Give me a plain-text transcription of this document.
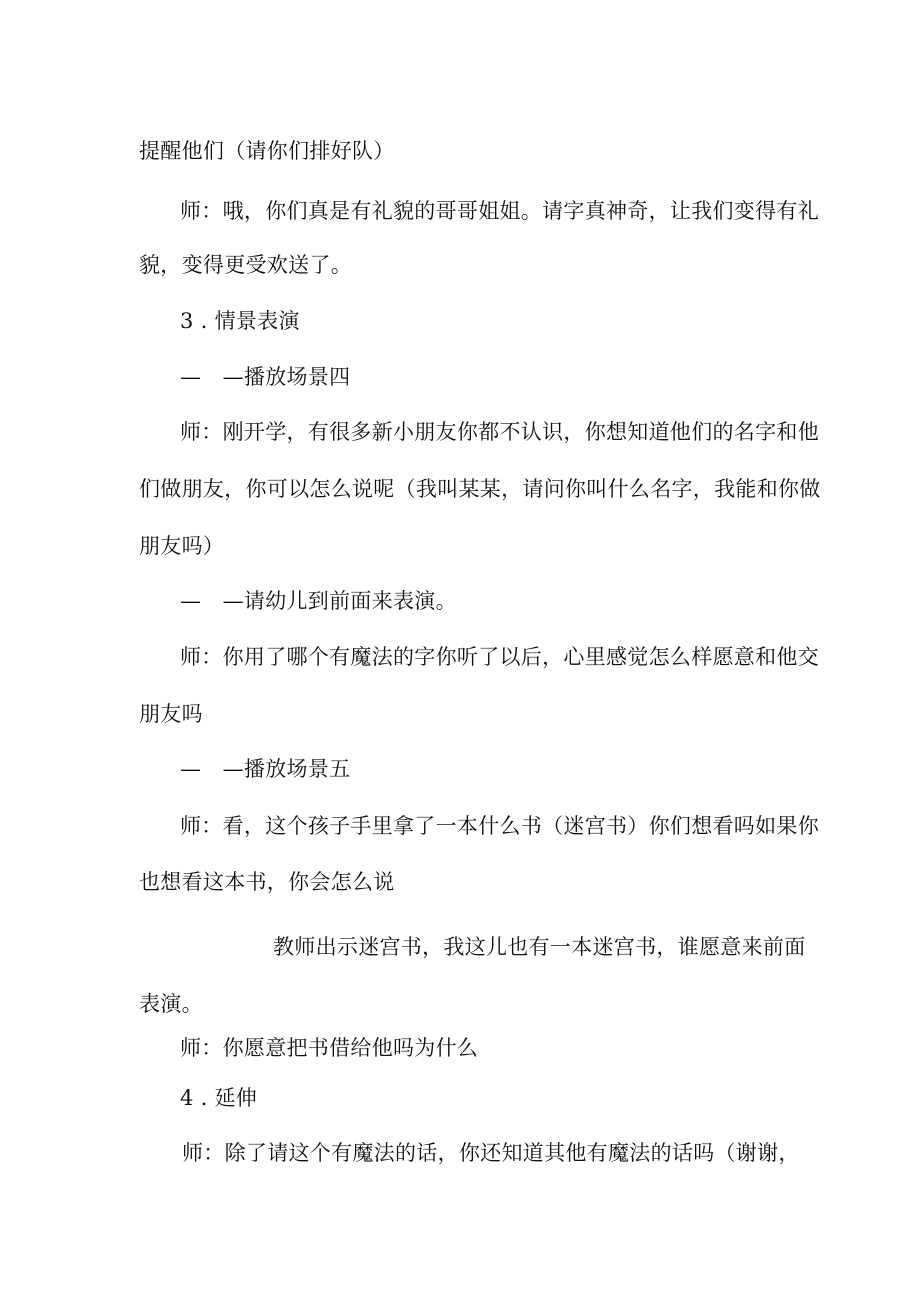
提醒他们（请你们排好队）
师：哦，你们真是有礼貌的哥哥姐姐。请字真神奇，让我们变得有礼
貌，变得更受欢送了。
3 . 情景表演
—　—播放场景四
师：刚开学，有很多新小朋友你都不认识，你想知道他们的名字和他
们做朋友，你可以怎么说呢（我叫某某，请问你叫什么名字，我能和你做
朋友吗）
—　—请幼儿到前面来表演。
师：你用了哪个有魔法的字你听了以后，心里感觉怎么样愿意和他交
朋友吗
—　—播放场景五
师：看，这个孩子手里拿了一本什么书（迷宫书）你们想看吗如果你
也想看这本书，你会怎么说
教师出示迷宫书，我这儿也有一本迷宫书，谁愿意来前面
表演。
师：你愿意把书借给他吗为什么
4 . 延伸
师：除了请这个有魔法的话，你还知道其他有魔法的话吗（谢谢，
